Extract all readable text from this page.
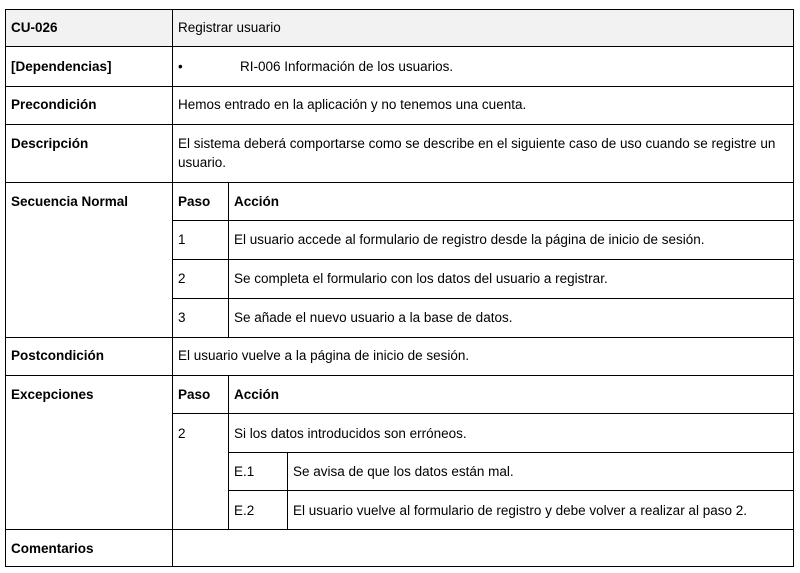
CU-026	Registrar usuario
[Dependencias]	•	RI-006 Información de los usuarios.
Precondición	Hemos entrado en la aplicación y no tenemos una cuenta.
Descripción	El sistema deberá comportarse como se describe en el siguiente caso de uso cuando se registre un usuario.
Secuencia Normal	Paso Acción
1	El usuario accede al formulario de registro desde la página de inicio de sesión.
2	Se completa el formulario con los datos del usuario a registrar.
3	Se añade el nuevo usuario a la base de datos.
Postcondición	El usuario vuelve a la página de inicio de sesión.
Excepciones	Paso Acción
2	Si los datos introducidos son erróneos.
E.1	Se avisa de que los datos están mal.
E.2	El usuario vuelve al formulario de registro y debe volver a realizar al paso 2.
Comentarios
